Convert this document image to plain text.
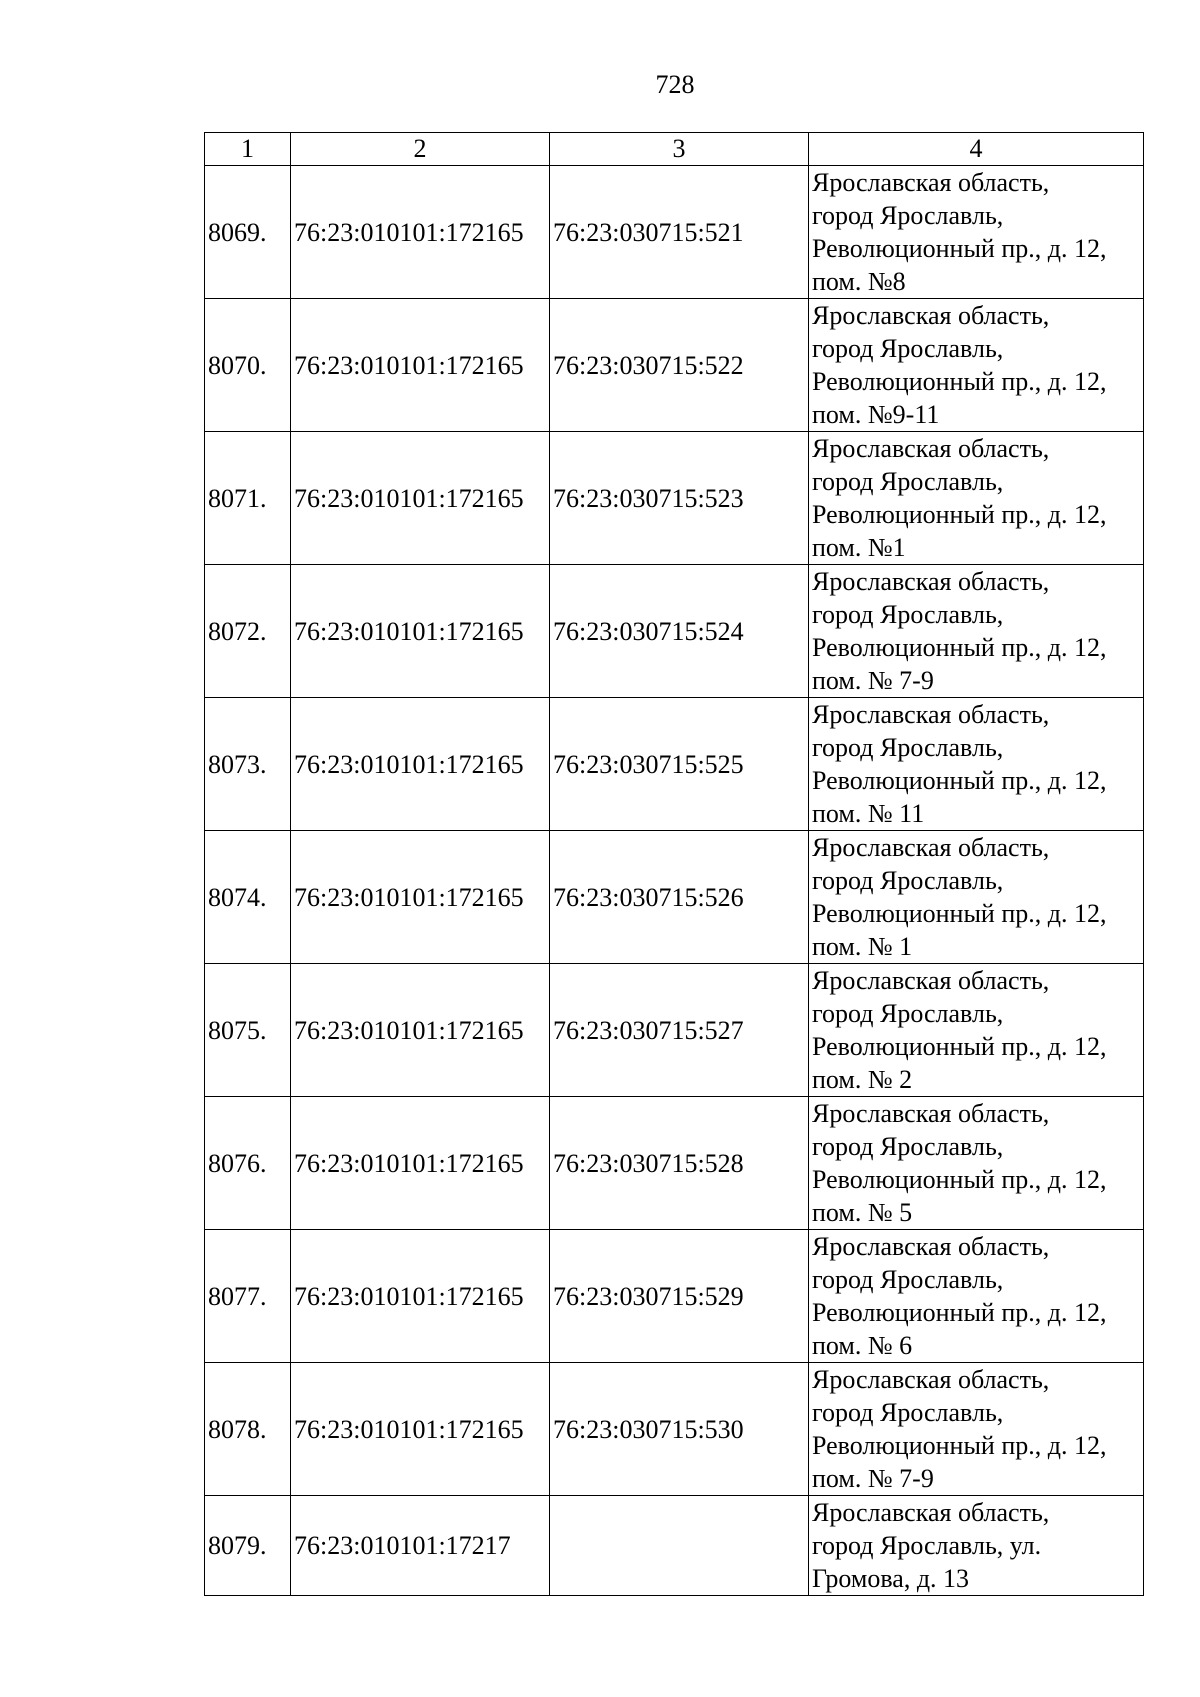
728
1	2	3	4
8069.	76:23:010101:172165	76:23:030715:521	Ярославская область,
город Ярославль,
Революционный пр., д. 12,
пом. №8

8070.	76:23:010101:172165	76:23:030715:522	Ярославская область,
город Ярославль,
Революционный пр., д. 12,
пом. №9-11

8071.	76:23:010101:172165	76:23:030715:523	Ярославская область,
город Ярославль,
Революционный пр., д. 12,
пом. №1

8072.	76:23:010101:172165	76:23:030715:524	Ярославская область,
город Ярославль,
Революционный пр., д. 12,
пом. № 7-9

8073.	76:23:010101:172165	76:23:030715:525	Ярославская область,
город Ярославль,
Революционный пр., д. 12,
пом. № 11

8074.	76:23:010101:172165	76:23:030715:526	Ярославская область,
город Ярославль,
Революционный пр., д. 12,
пом. № 1

8075.	76:23:010101:172165	76:23:030715:527	Ярославская область,
город Ярославль,
Революционный пр., д. 12,
пом. № 2

8076.	76:23:010101:172165	76:23:030715:528	Ярославская область,
город Ярославль,
Революционный пр., д. 12,
пом. № 5

8077.	76:23:010101:172165	76:23:030715:529	Ярославская область,
город Ярославль,
Революционный пр., д. 12,
пом. № 6

8078.	76:23:010101:172165	76:23:030715:530	Ярославская область,
город Ярославль,
Революционный пр., д. 12,
пом. № 7-9

8079.	76:23:010101:17217		Ярославская область,
город Ярославль, ул.
Громова, д. 13
